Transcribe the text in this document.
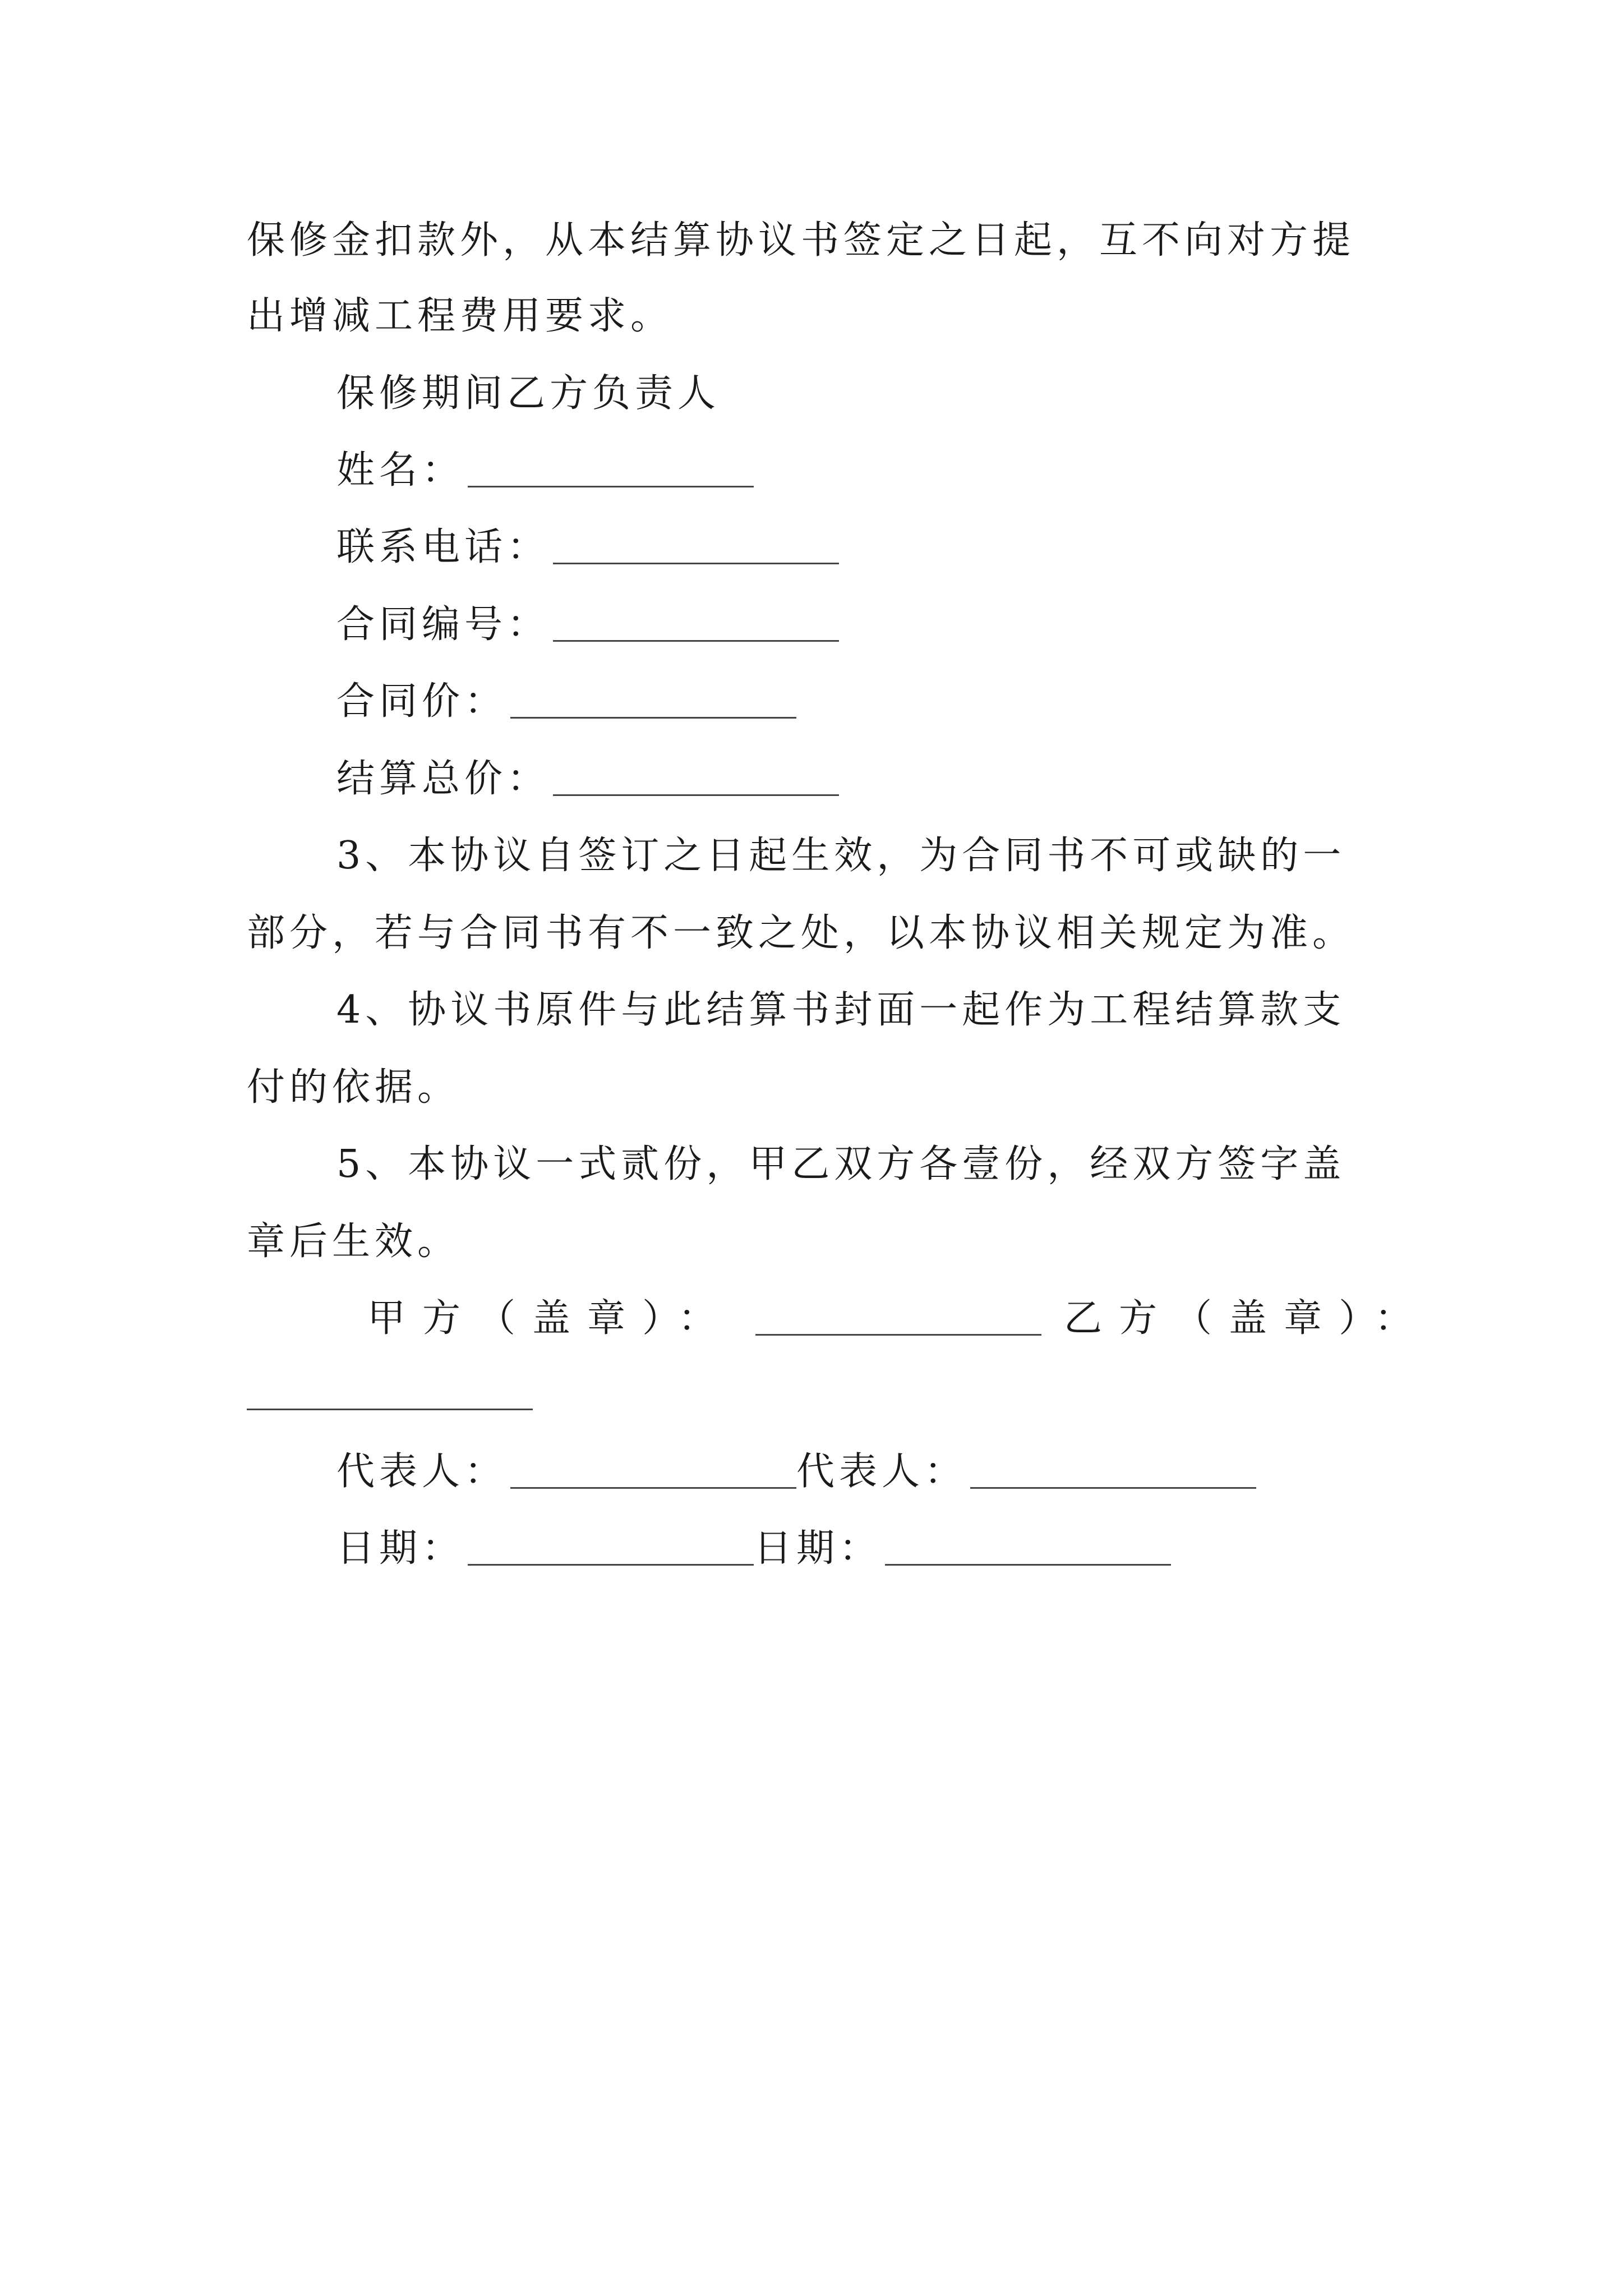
保修金扣款外，从本结算协议书签定之日起，互不向对方提
出增减工程费用要求。
保修期间乙方负责人
姓名：
联系电话：
合同编号：
合同价：
结算总价：
3、本协议自签订之日起生效，为合同书不可或缺的一
部分，若与合同书有不一致之处，以本协议相关规定为准。
4、协议书原件与此结算书封面一起作为工程结算款支
付的依据。
5、本协议一式贰份，甲乙双方各壹份，经双方签字盖
章后生效。
甲方（盖章）：	乙方（盖章）：
代表人：	代表人：
日期：	日期：
